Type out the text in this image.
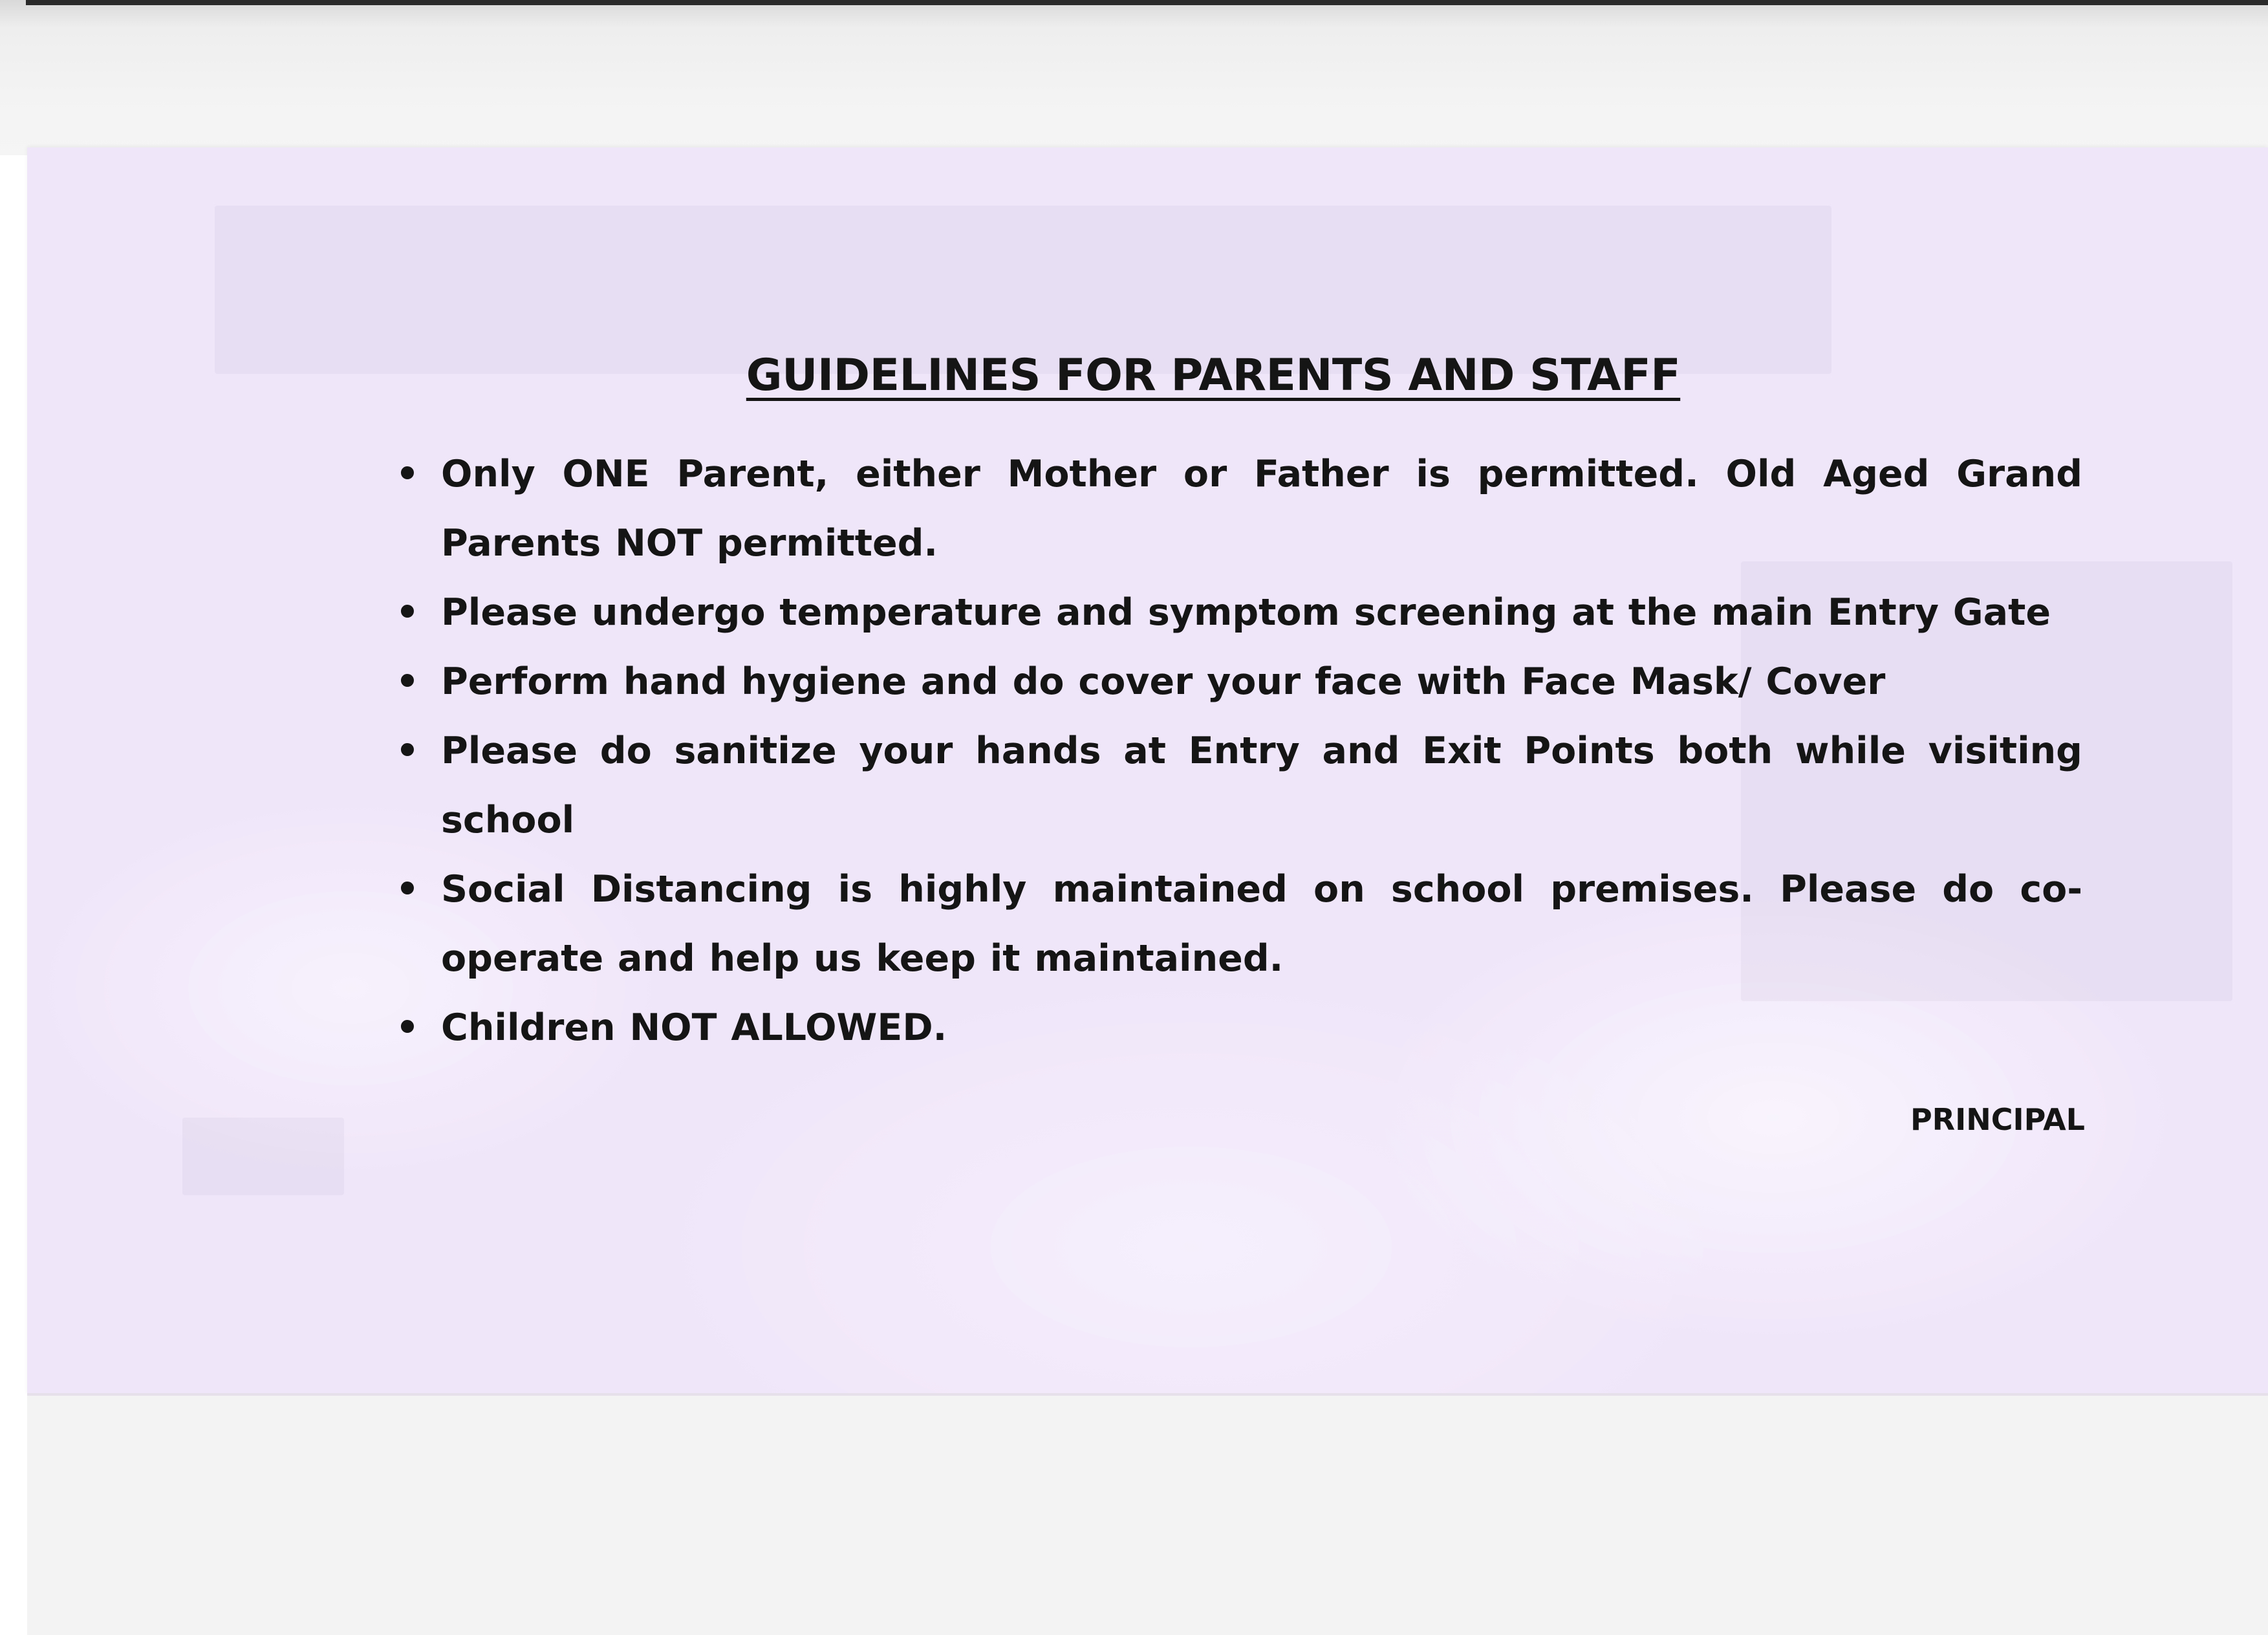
GUIDELINES FOR PARENTS AND STAFF
• Only ONE Parent, either Mother or Father is permitted. Old Aged Grand Parents NOT permitted.
• Please undergo temperature and symptom screening at the main Entry Gate
• Perform hand hygiene and do cover your face with Face Mask/ Cover
• Please do sanitize your hands at Entry and Exit Points both while visiting school
• Social Distancing is highly maintained on school premises. Please do co-operate and help us keep it maintained.
• Children NOT ALLOWED.
PRINCIPAL
